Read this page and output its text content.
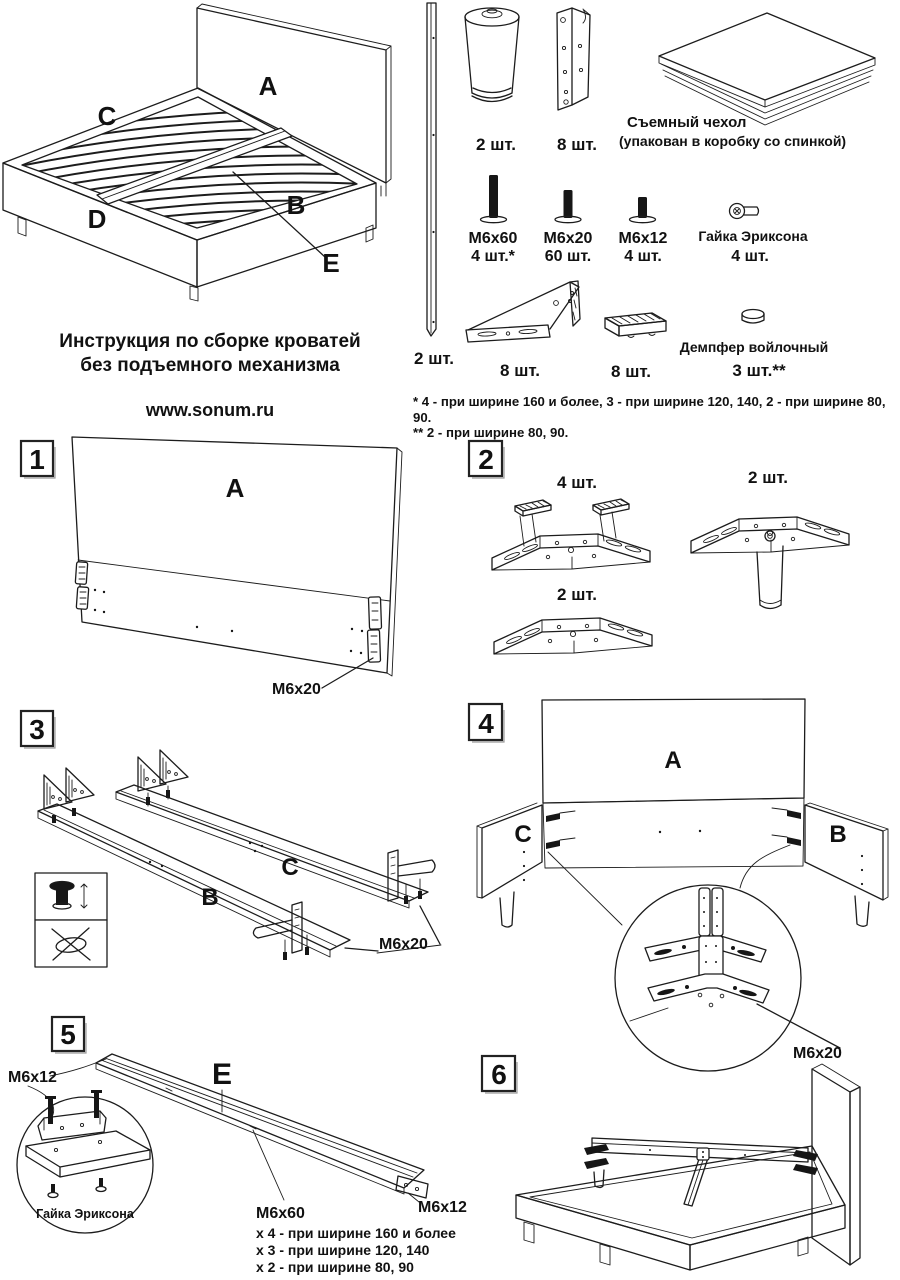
A
B
C
D
E
Инструкция по сборке кроватей
без подъемного механизма
www.sonum.ru
2 шт.
2 шт. 8 шт.
Съемный чехол
(упакован в коробку со спинкой)
М6х60
4 шт.*
М6х20
60 шт.
М6х12
4 шт.
Гайка Эриксона
4 шт.
8 шт.	8 шт.
Демпфер войлочный
3 шт.**
* 4 - при ширине 160 и более, 3 - при ширине 120, 140, 2 - при ширине 80, 90.
** 2 - при ширине 80, 90.
1
A
M6x20
2
4 шт.
2 шт.
2 шт.
3
C
B
M6x20
4
A
C	B
M6x20
5
M6x12	E
Гайка Эриксона	M6x60
x 4 - при ширине 160 и более
x 3 - при ширине 120, 140
x 2 - при ширине 80, 90
M6x12
6
